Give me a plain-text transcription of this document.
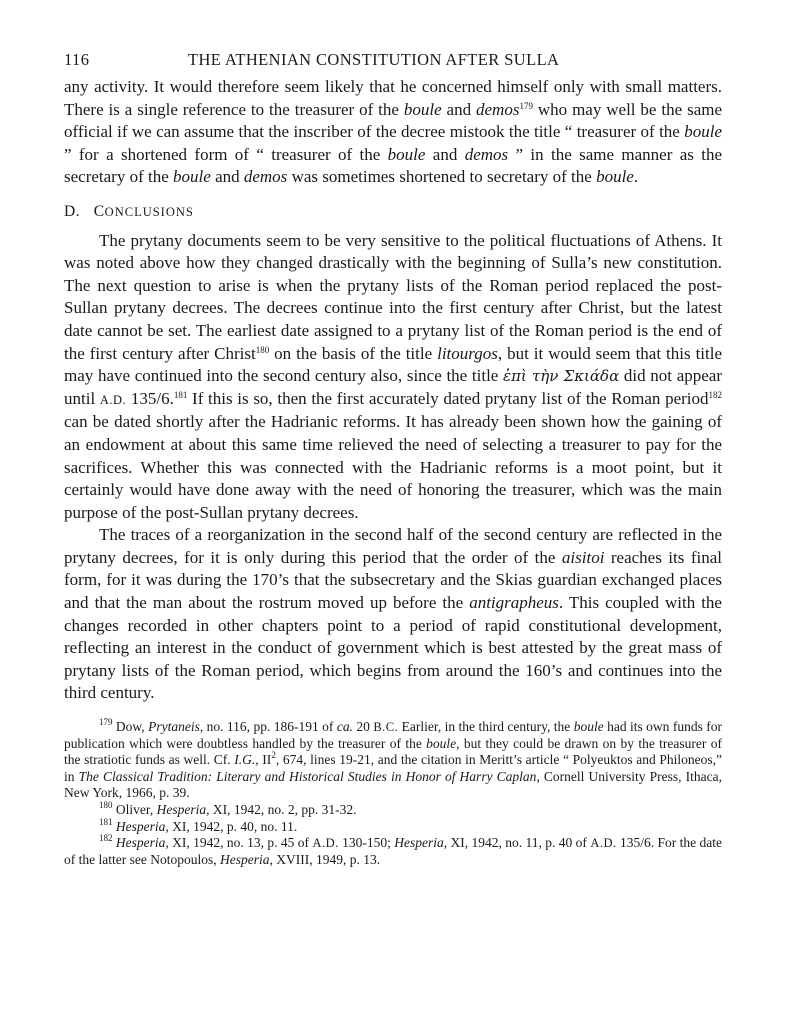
116	THE ATHENIAN CONSTITUTION AFTER SULLA

any activity. It would therefore seem likely that he concerned himself only with small matters. There is a single reference to the treasurer of the boule and demos$^{179}$ who may well be the same official if we can assume that the inscriber of the decree mistook the title “ treasurer of the boule ” for a shortened form of “ treasurer of the boule and demos ” in the same manner as the secretary of the boule and demos was sometimes shortened to secretary of the boule.

D. CONCLUSIONS

The prytany documents seem to be very sensitive to the political fluctuations of Athens. It was noted above how they changed drastically with the beginning of Sulla’s new constitution. The next question to arise is when the prytany lists of the Roman period replaced the post-Sullan prytany decrees. The decrees continue into the first century after Christ, but the latest date cannot be set. The earliest date assigned to a prytany list of the Roman period is the end of the first century after Christ$^{180}$ on the basis of the title litourgos, but it would seem that this title may have continued into the second century also, since the title ἐπὶ τὴν Σκιάδα did not appear until A.D. 135/6.$^{181}$ If this is so, then the first accurately dated prytany list of the Roman period$^{182}$ can be dated shortly after the Hadrianic reforms. It has already been shown how the gaining of an endowment at about this same time relieved the need of selecting a treasurer to pay for the sacrifices. Whether this was connected with the Hadrianic reforms is a moot point, but it certainly would have done away with the need of honoring the treasurer, which was the main purpose of the post-Sullan prytany decrees.

The traces of a reorganization in the second half of the second century are reflected in the prytany decrees, for it is only during this period that the order of the aisitoi reaches its final form, for it was during the 170’s that the subsecretary and the Skias guardian exchanged places and that the man about the rostrum moved up before the antigrapheus. This coupled with the changes recorded in other chapters point to a period of rapid constitutional development, reflecting an interest in the conduct of government which is best attested by the great mass of prytany lists of the Roman period, which begins from around the 160’s and continues into the third century.

$^{179}$ Dow, Prytaneis, no. 116, pp. 186-191 of ca. 20 B.C. Earlier, in the third century, the boule had its own funds for publication which were doubtless handled by the treasurer of the boule, but they could be drawn on by the treasurer of the stratiotic funds as well. Cf. I.G., $II^2$, 674, lines 19-21, and the citation in Meritt’s article “ Polyeuktos and Philoneos,” in The Classical Tradition: Literary and Historical Studies in Honor of Harry Caplan, Cornell University Press, Ithaca, New York, 1966, p. 39.

$^{180}$ Oliver, Hesperia, XI, 1942, no. 2, pp. 31-32.

$^{181}$ Hesperia, XI, 1942, p. 40, no. 11.

$^{182}$ Hesperia, XI, 1942, no. 13, p. 45 of A.D. 130-150; Hesperia, XI, 1942, no. 11, p. 40 of A.D. 135/6. For the date of the latter see Notopoulos, Hesperia, XVIII, 1949, p. 13.
